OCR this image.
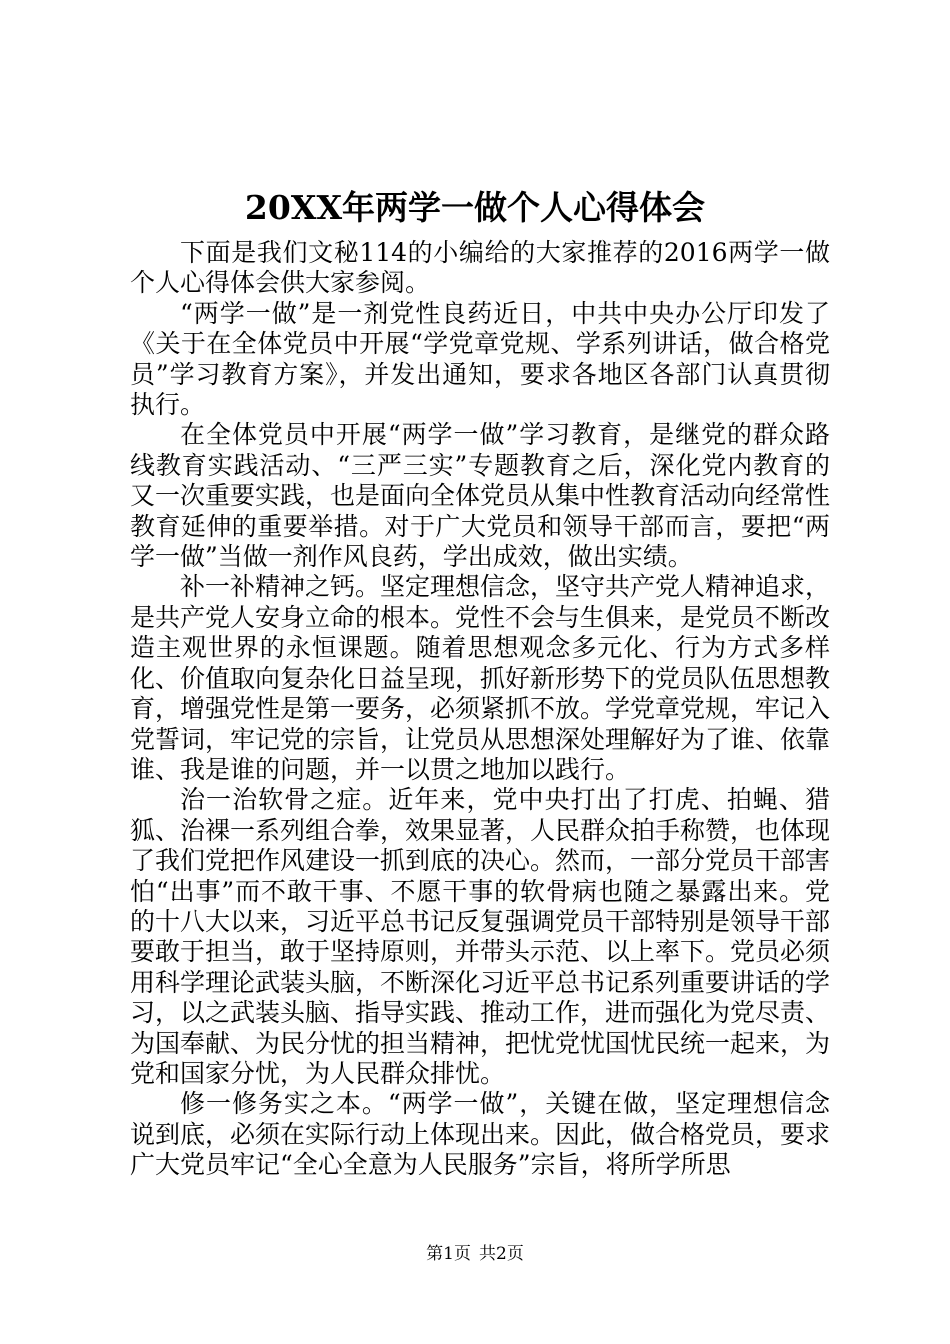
20XX年两学一做个人心得体会

下面是我们文秘114的小编给的大家推荐的2016两学一做个人心得体会供大家参阅。

“两学一做”是一剂党性良药近日，中共中央办公厅印发了《关于在全体党员中开展“学党章党规、学系列讲话，做合格党员”学习教育方案》，并发出通知，要求各地区各部门认真贯彻执行。

在全体党员中开展“两学一做”学习教育，是继党的群众路线教育实践活动、“三严三实”专题教育之后，深化党内教育的又一次重要实践，也是面向全体党员从集中性教育活动向经常性教育延伸的重要举措。对于广大党员和领导干部而言，要把“两学一做”当做一剂作风良药，学出成效，做出实绩。

补一补精神之钙。坚定理想信念，坚守共产党人精神追求，是共产党人安身立命的根本。党性不会与生俱来，是党员不断改造主观世界的永恒课题。随着思想观念多元化、行为方式多样化、价值取向复杂化日益呈现，抓好新形势下的党员队伍思想教育，增强党性是第一要务，必须紧抓不放。学党章党规，牢记入党誓词，牢记党的宗旨，让党员从思想深处理解好为了谁、依靠谁、我是谁的问题，并一以贯之地加以践行。

治一治软骨之症。近年来，党中央打出了打虎、拍蝇、猎狐、治裸一系列组合拳，效果显著，人民群众拍手称赞，也体现了我们党把作风建设一抓到底的决心。然而，一部分党员干部害怕“出事”而不敢干事、不愿干事的软骨病也随之暴露出来。党的十八大以来，习近平总书记反复强调党员干部特别是领导干部要敢于担当，敢于坚持原则，并带头示范、以上率下。党员必须用科学理论武装头脑，不断深化习近平总书记系列重要讲话的学习，以之武装头脑、指导实践、推动工作，进而强化为党尽责、为国奉献、为民分忧的担当精神，把忧党忧国忧民统一起来，为党和国家分忧，为人民群众排忧。

修一修务实之本。“两学一做”，关键在做，坚定理想信念说到底，必须在实际行动上体现出来。因此，做合格党员，要求广大党员牢记“全心全意为人民服务”宗旨，将所学所思

第1页 共2页
